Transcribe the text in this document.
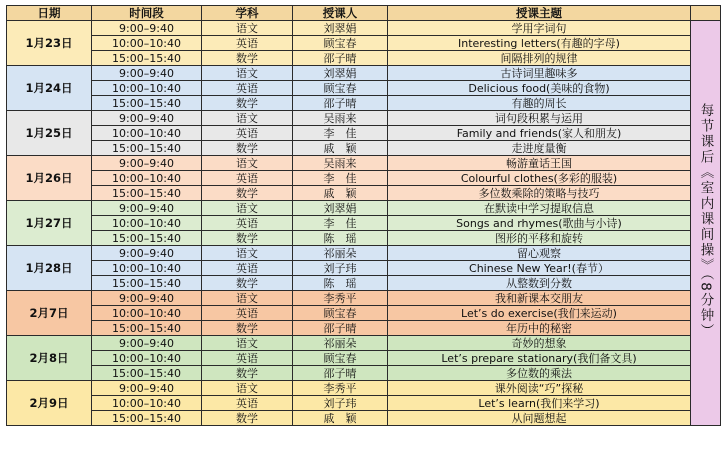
日期	时间段	学科	授课人	授课主题	
1月23日	9:00–9:40	语文	刘翠娟	学用字词句	每节课后《室内课间操》（8分钟）
	10:00–10:40	英语	顾宝春	Interesting letters(有趣的字母)	
	15:00–15:40	数学	邵子晴	间隔排列的规律	
1月24日	9:00–9:40	语文	刘翠娟	古诗词里趣味多	
	10:00–10:40	英语	顾宝春	Delicious food(美味的食物)	
	15:00–15:40	数学	邵子晴	有趣的周长	
1月25日	9:00–9:40	语文	吴雨来	词句段积累与运用	
	10:00–10:40	英语	李　佳	Family and friends(家人和朋友)	
	15:00–15:40	数学	戚　颖	走进度量衡	
1月26日	9:00–9:40	语文	吴雨来	畅游童话王国	
	10:00–10:40	英语	李　佳	Colourful clothes(多彩的服装)	
	15:00–15:40	数学	戚　颖	多位数乘除的策略与技巧	
1月27日	9:00–9:40	语文	刘翠娟	在默读中学习提取信息	
	10:00–10:40	英语	李　佳	Songs and rhymes(歌曲与小诗)	
	15:00–15:40	数学	陈　瑶	图形的平移和旋转	
1月28日	9:00–9:40	语文	祁丽朵	留心观察	
	10:00–10:40	英语	刘子玮	Chinese New Year!(春节）	
	15:00–15:40	数学	陈　瑶	从整数到分数	
2月7日	9:00–9:40	语文	李秀平	我和新课本交朋友	
	10:00–10:40	英语	顾宝春	Let’s do exercise(我们来运动)	
	15:00–15:40	数学	邵子晴	年历中的秘密	
2月8日	9:00–9:40	语文	祁丽朵	奇妙的想象	
	10:00–10:40	英语	顾宝春	Let’s prepare stationary(我们备文具)	
	15:00–15:40	数学	邵子晴	多位数的乘法	
2月9日	9:00–9:40	语文	李秀平	课外阅读“巧”探秘	
	10:00–10:40	英语	刘子玮	Let’s learn(我们来学习)	
	15:00–15:40	数学	戚　颖	从问题想起	
